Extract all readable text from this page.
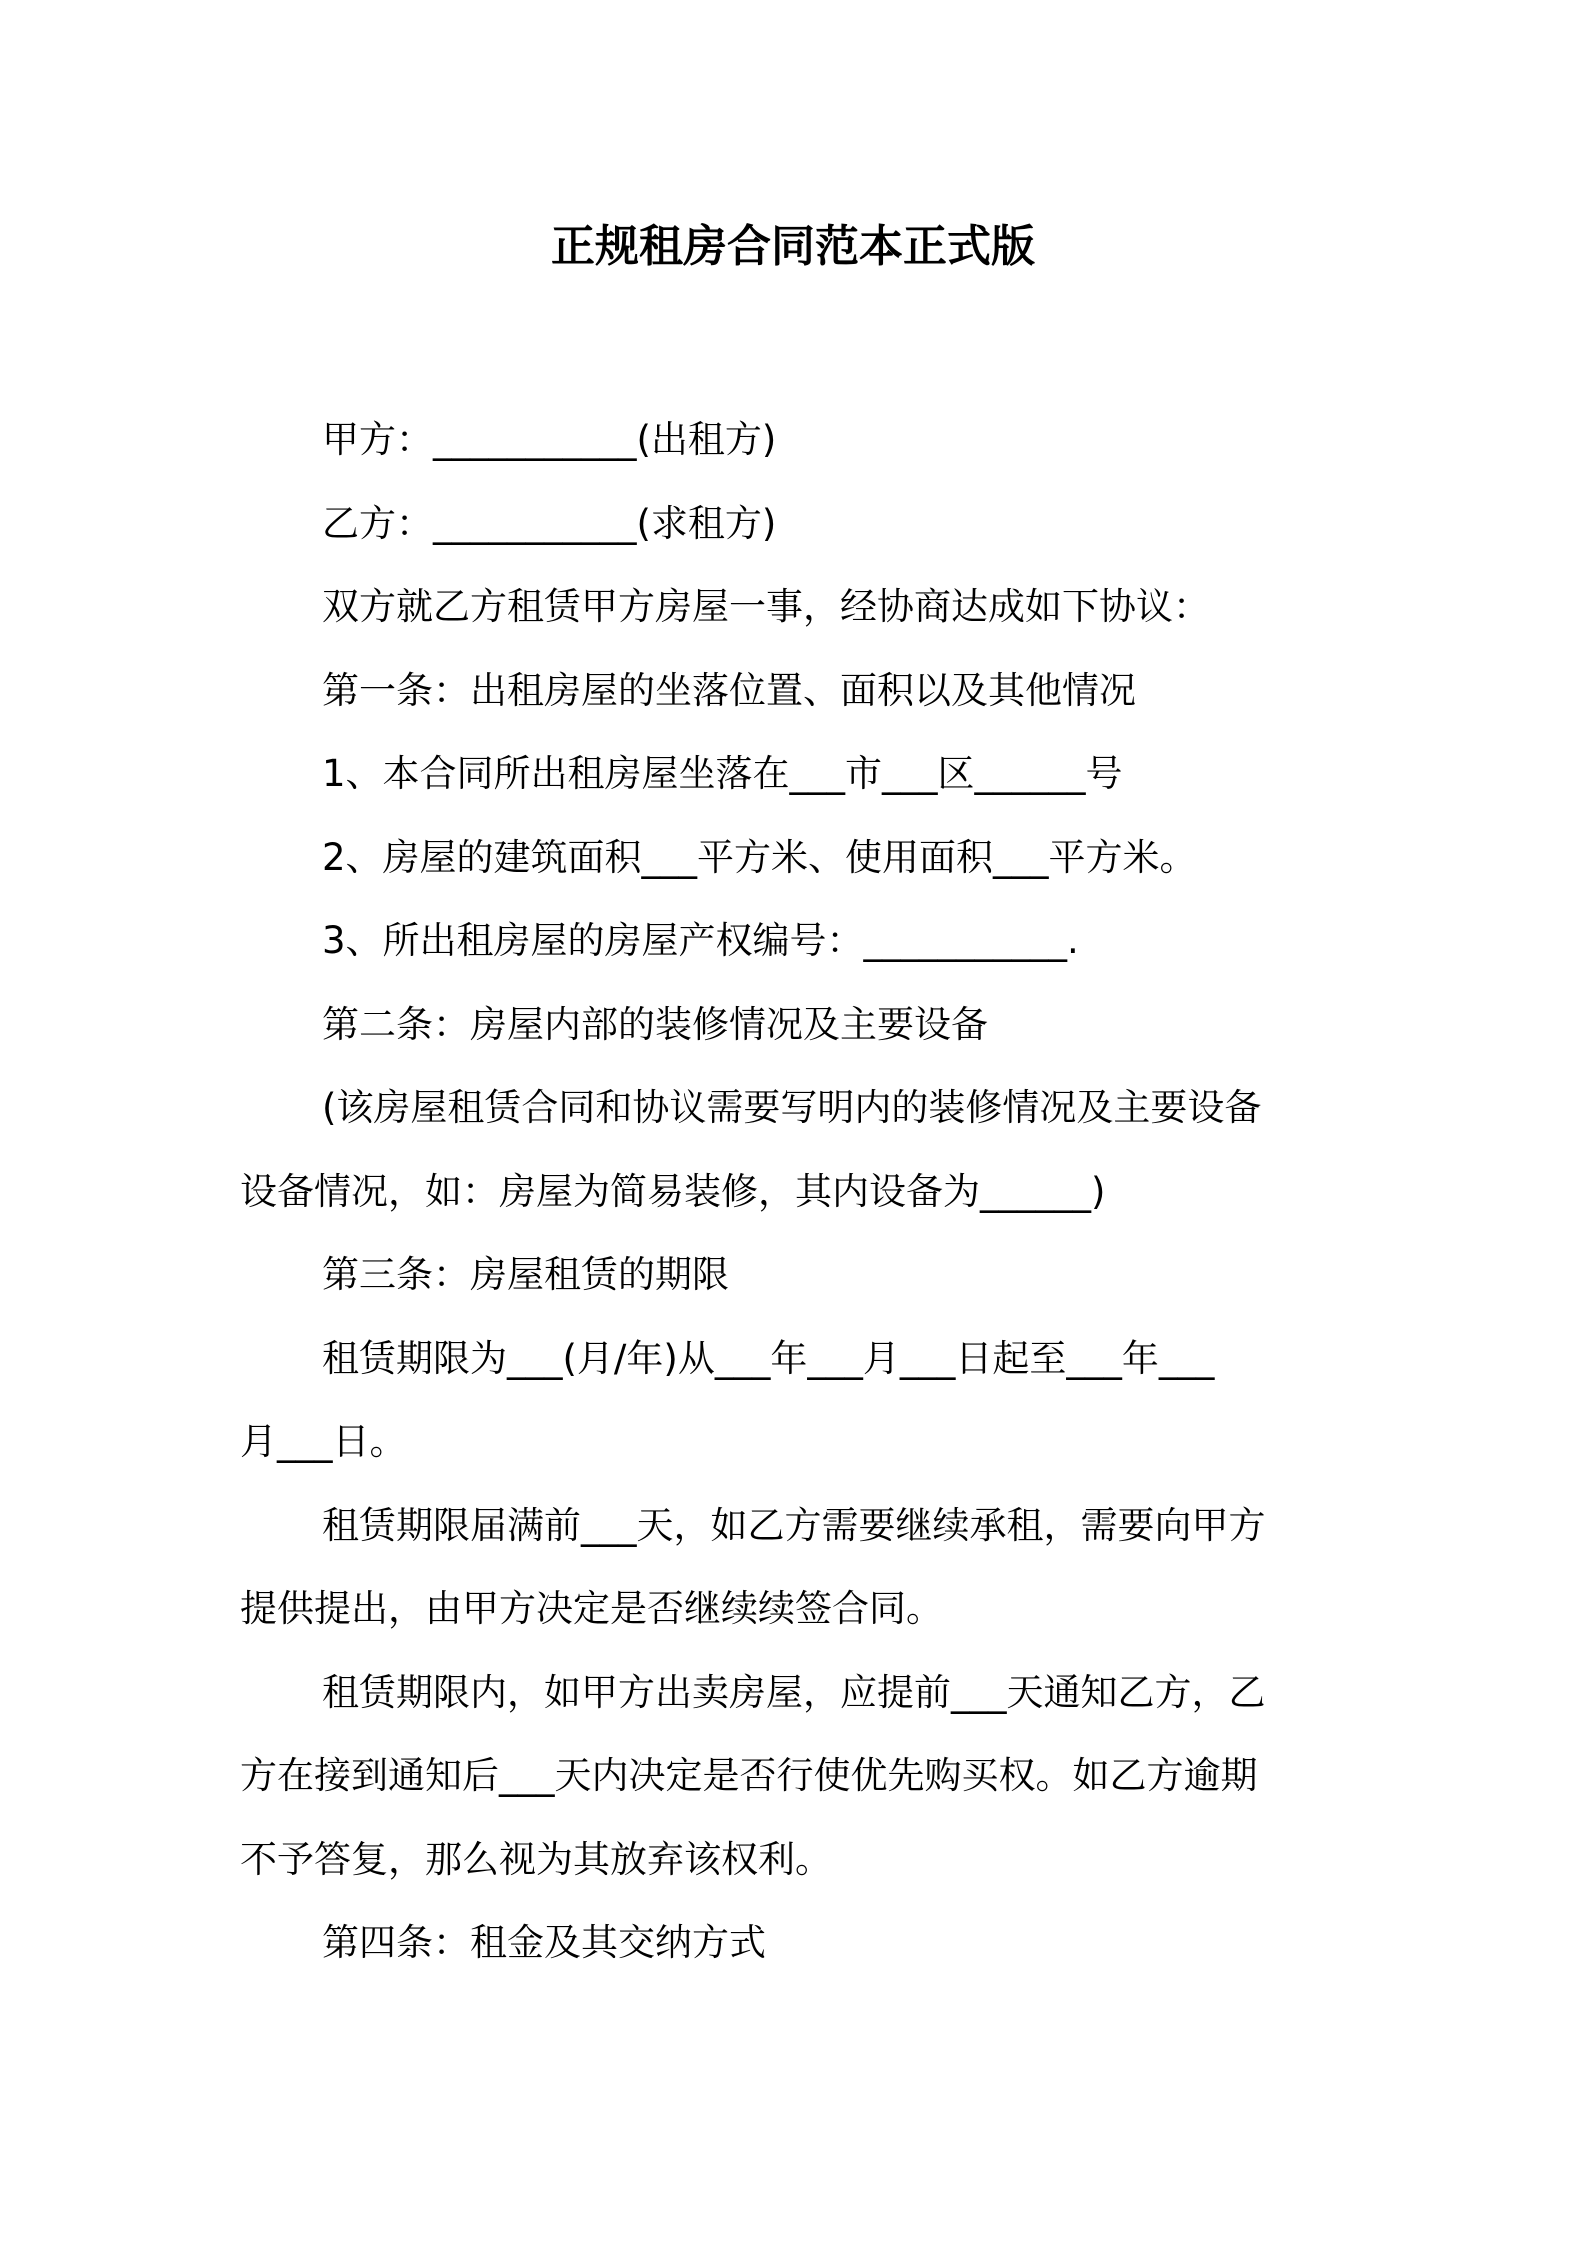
正规租房合同范本正式版
甲方：___________(出租方)
乙方：___________(求租方)
双方就乙方租赁甲方房屋一事，经协商达成如下协议：
第一条：出租房屋的坐落位置、面积以及其他情况
1、本合同所出租房屋坐落在___市___区______号
2、房屋的建筑面积___平方米、使用面积___平方米。
3、所出租房屋的房屋产权编号：___________.
第二条：房屋内部的装修情况及主要设备
(该房屋租赁合同和协议需要写明内的装修情况及主要设备
设备情况，如：房屋为简易装修，其内设备为______)
第三条：房屋租赁的期限
租赁期限为___(月/年)从___年___月___日起至___年___
月___日。
租赁期限届满前___天，如乙方需要继续承租，需要向甲方
提供提出，由甲方决定是否继续续签合同。
租赁期限内，如甲方出卖房屋，应提前___天通知乙方，乙
方在接到通知后___天内决定是否行使优先购买权。如乙方逾期
不予答复，那么视为其放弃该权利。
第四条：租金及其交纳方式
